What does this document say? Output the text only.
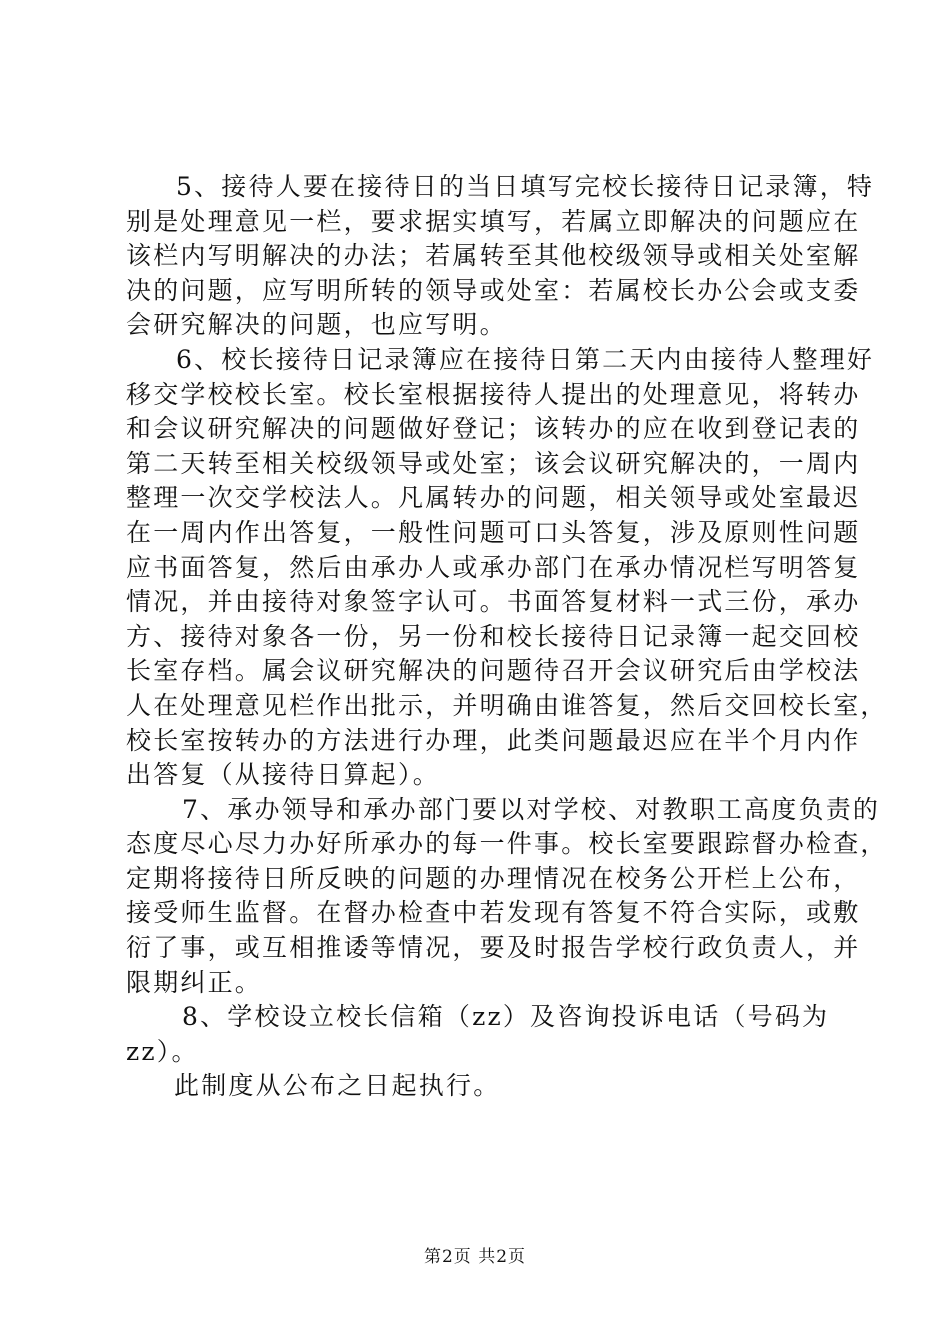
5、接待人要在接待日的当日填写完校长接待日记录簿，特
别是处理意见一栏，要求据实填写，若属立即解决的问题应在
该栏内写明解决的办法；若属转至其他校级领导或相关处室解
决的问题，应写明所转的领导或处室：若属校长办公会或支委
会研究解决的问题，也应写明。
6、校长接待日记录簿应在接待日第二天内由接待人整理好
移交学校校长室。校长室根据接待人提出的处理意见，将转办
和会议研究解决的问题做好登记；该转办的应在收到登记表的
第二天转至相关校级领导或处室；该会议研究解决的，一周内
整理一次交学校法人。凡属转办的问题，相关领导或处室最迟
在一周内作出答复，一般性问题可口头答复，涉及原则性问题
应书面答复，然后由承办人或承办部门在承办情况栏写明答复
情况，并由接待对象签字认可。书面答复材料一式三份，承办
方、接待对象各一份，另一份和校长接待日记录簿一起交回校
长室存档。属会议研究解决的问题待召开会议研究后由学校法
人在处理意见栏作出批示，并明确由谁答复，然后交回校长室，
校长室按转办的方法进行办理，此类问题最迟应在半个月内作
出答复（从接待日算起）。
7、承办领导和承办部门要以对学校、对教职工高度负责的
态度尽心尽力办好所承办的每一件事。校长室要跟踪督办检查，
定期将接待日所反映的问题的办理情况在校务公开栏上公布，
接受师生监督。在督办检查中若发现有答复不符合实际，或敷
衍了事，或互相推诿等情况，要及时报告学校行政负责人，并
限期纠正。
8、学校设立校长信箱（zz）及咨询投诉电话（号码为
zz）。
此制度从公布之日起执行。
第2页 共2页
